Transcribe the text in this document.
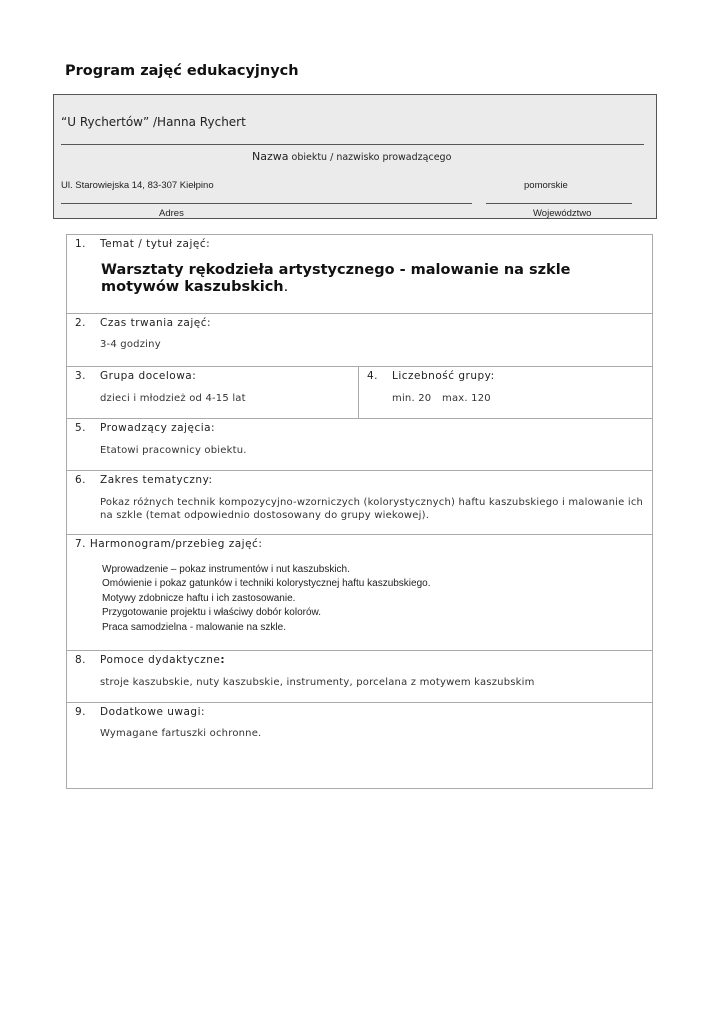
Program zajęć edukacyjnych
“U Rychertów” /Hanna Rychert
Nazwa obiektu / nazwisko prowadzącego
Ul. Starowiejska 14, 83-307 Kiełpino	pomorskie
Adres	Województwo
1. Temat / tytuł zajęć:
Warsztaty rękodzieła artystycznego - malowanie na szkle motywów kaszubskich.
2. Czas trwania zajęć:
3-4 godziny
3. Grupa docelowa:
dzieci i młodzież od 4-15 lat
4. Liczebność grupy:
min. 20 max. 120
5. Prowadzący zajęcia:
Etatowi pracownicy obiektu.
6. Zakres tematyczny:
Pokaz różnych technik kompozycyjno-wzorniczych (kolorystycznych) haftu kaszubskiego i malowanie ich
na szkle (temat odpowiednio dostosowany do grupy wiekowej).
7. Harmonogram/przebieg zajęć:
Wprowadzenie – pokaz instrumentów i nut kaszubskich.
Omówienie i pokaz gatunków i techniki kolorystycznej haftu kaszubskiego.
Motywy zdobnicze haftu i ich zastosowanie.
Przygotowanie projektu i właściwy dobór kolorów.
Praca samodzielna - malowanie na szkle.
8. Pomoce dydaktyczne:
stroje kaszubskie, nuty kaszubskie, instrumenty, porcelana z motywem kaszubskim
9. Dodatkowe uwagi:
Wymagane fartuszki ochronne.
